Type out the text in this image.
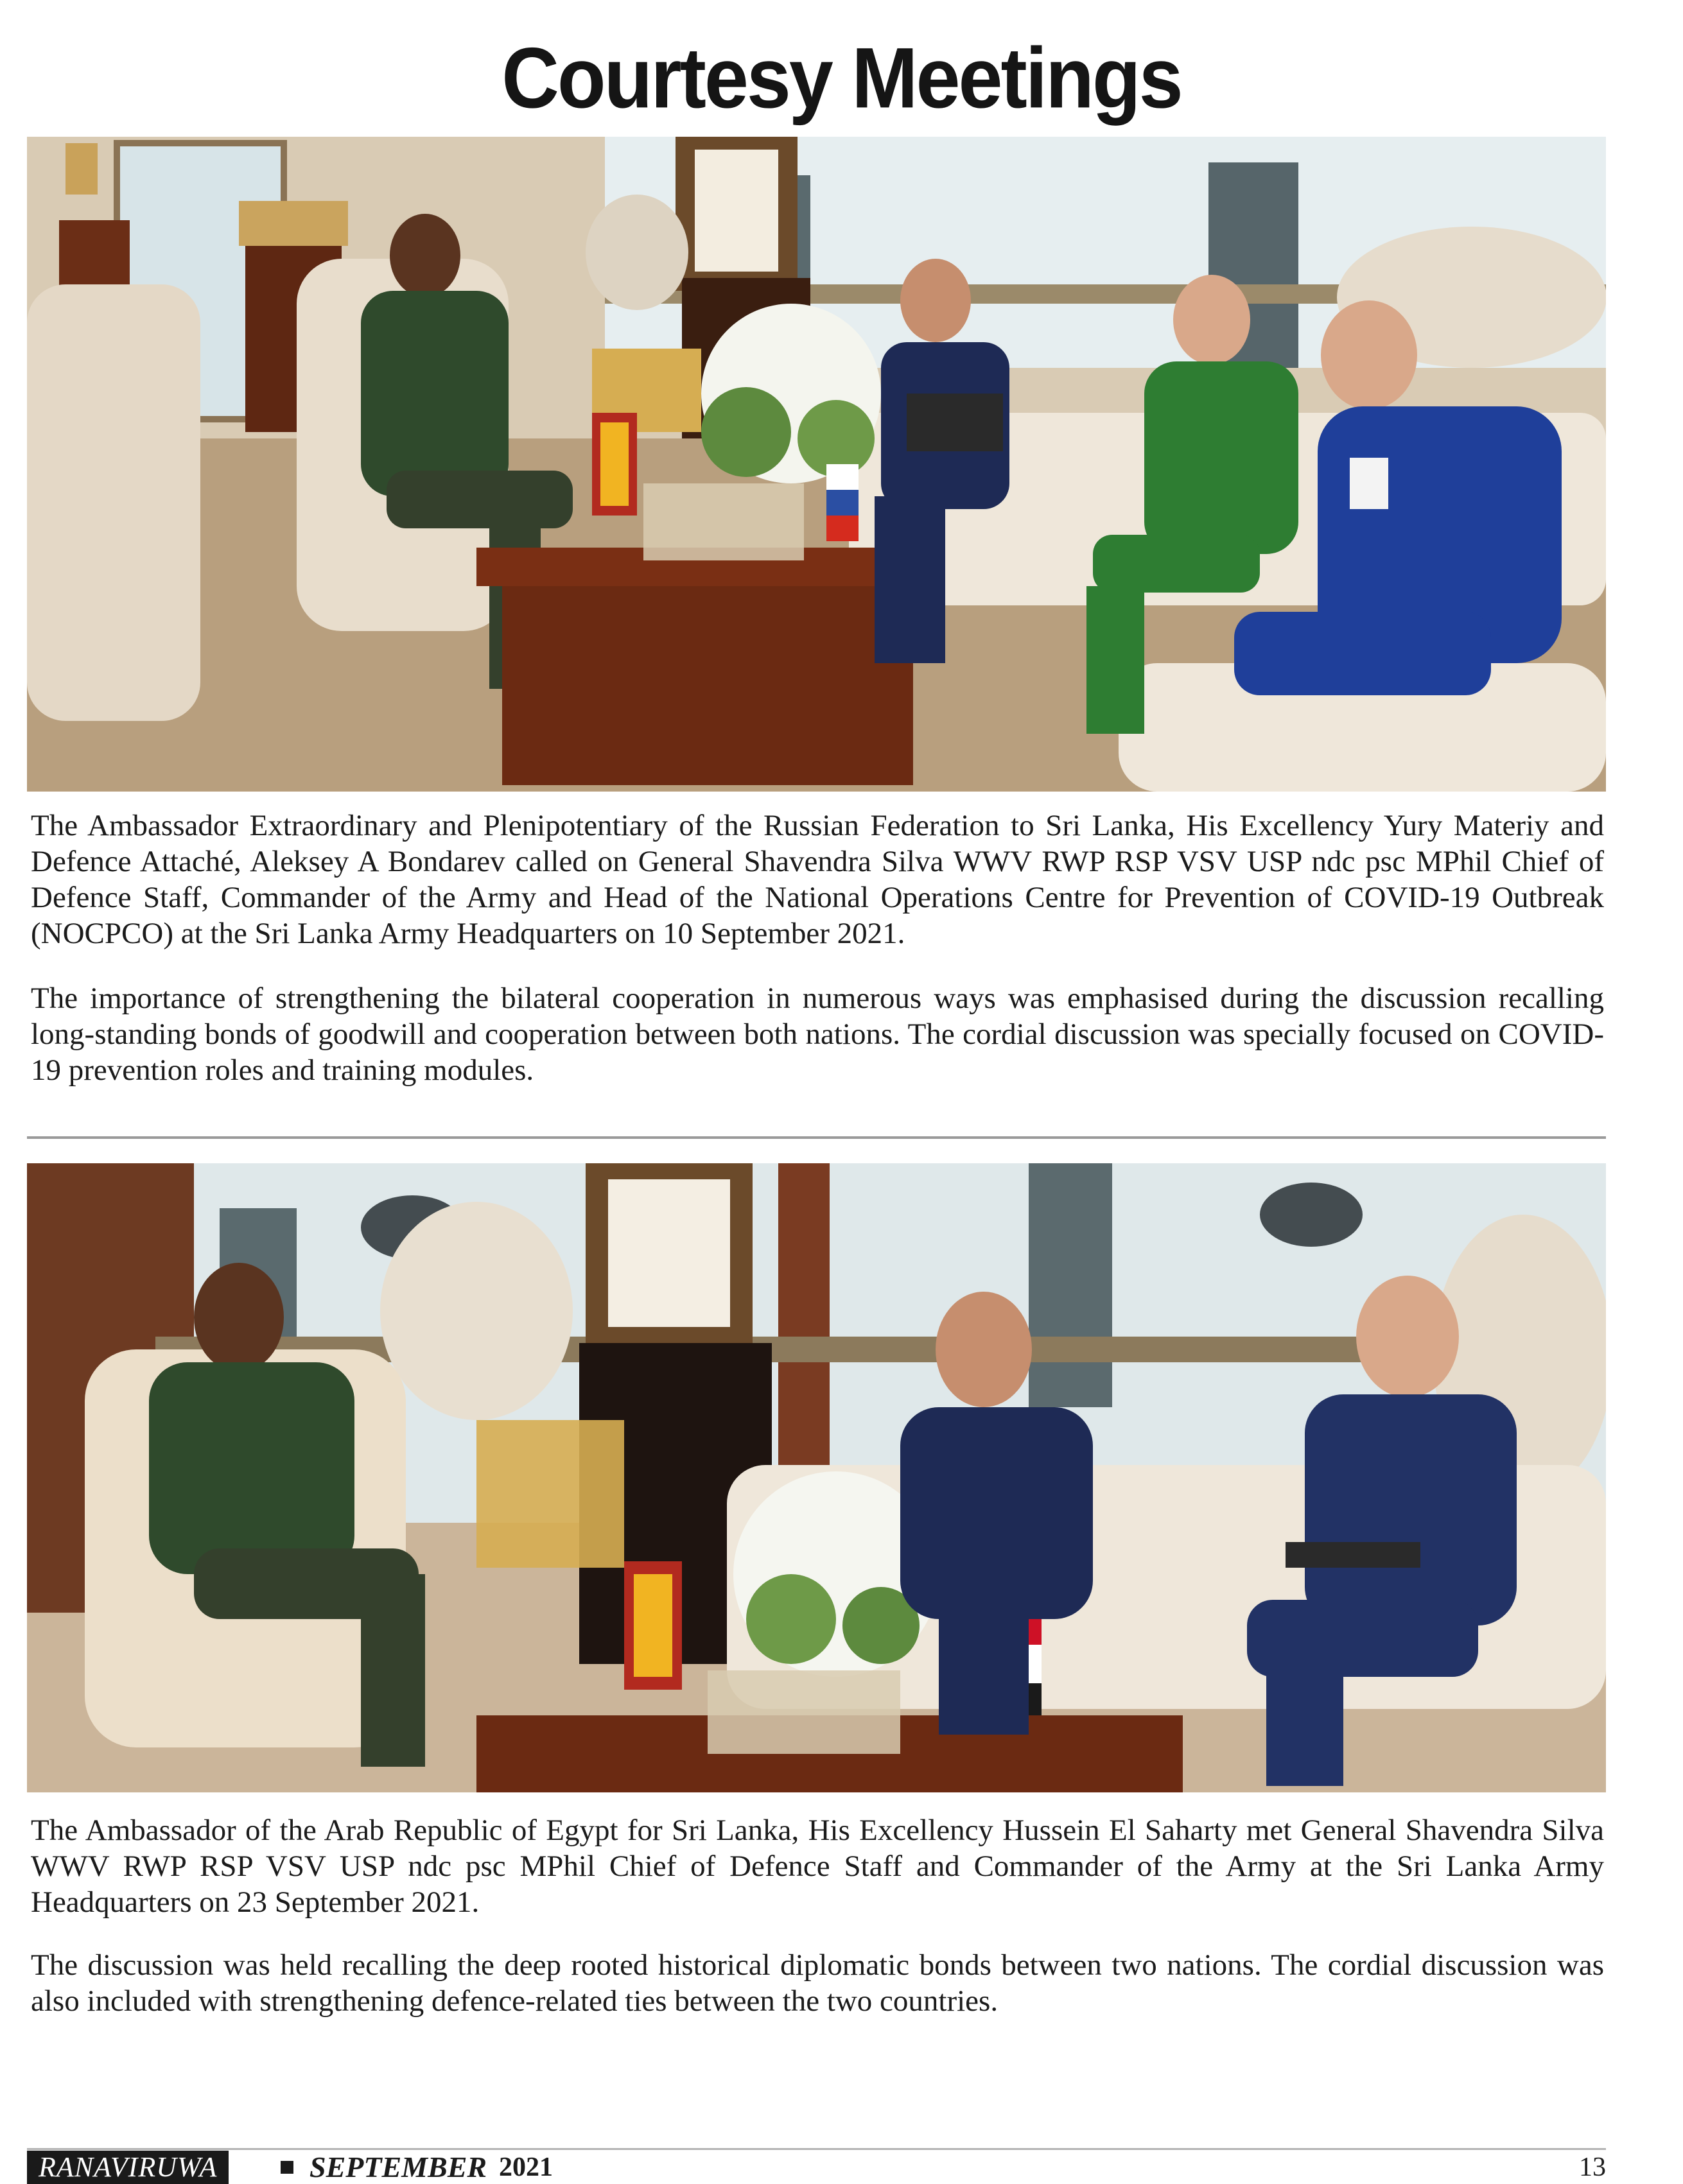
Courtesy Meetings

The Ambassador Extraordinary and Plenipotentiary of the Russian Federation to Sri Lanka, His Excellency Yury Materiy and Defence Attaché, Aleksey A Bondarev called on General Shavendra Silva WWV RWP RSP VSV USP ndc psc MPhil Chief of Defence Staff, Commander of the Army and Head of the National Operations Centre for Prevention of COVID-19 Outbreak (NOCPCO) at the Sri Lanka Army Headquarters on 10 September 2021.

The importance of strengthening the bilateral cooperation in numerous ways was emphasised during the discussion recalling long-standing bonds of goodwill and cooperation between both nations. The cordial discussion was specially focused on COVID-19 prevention roles and training modules.

The Ambassador of the Arab Republic of Egypt for Sri Lanka, His Excellency Hussein El Saharty met General Shavendra Silva WWV RWP RSP VSV USP ndc psc MPhil Chief of Defence Staff and Commander of the Army at the Sri Lanka Army Headquarters on 23 September 2021.

The discussion was held recalling the deep rooted historical diplomatic bonds between two nations. The cordial discussion was also included with strengthening defence-related ties between the two countries.

RANAVIRUWA	SEPTEMBER 2021	13
